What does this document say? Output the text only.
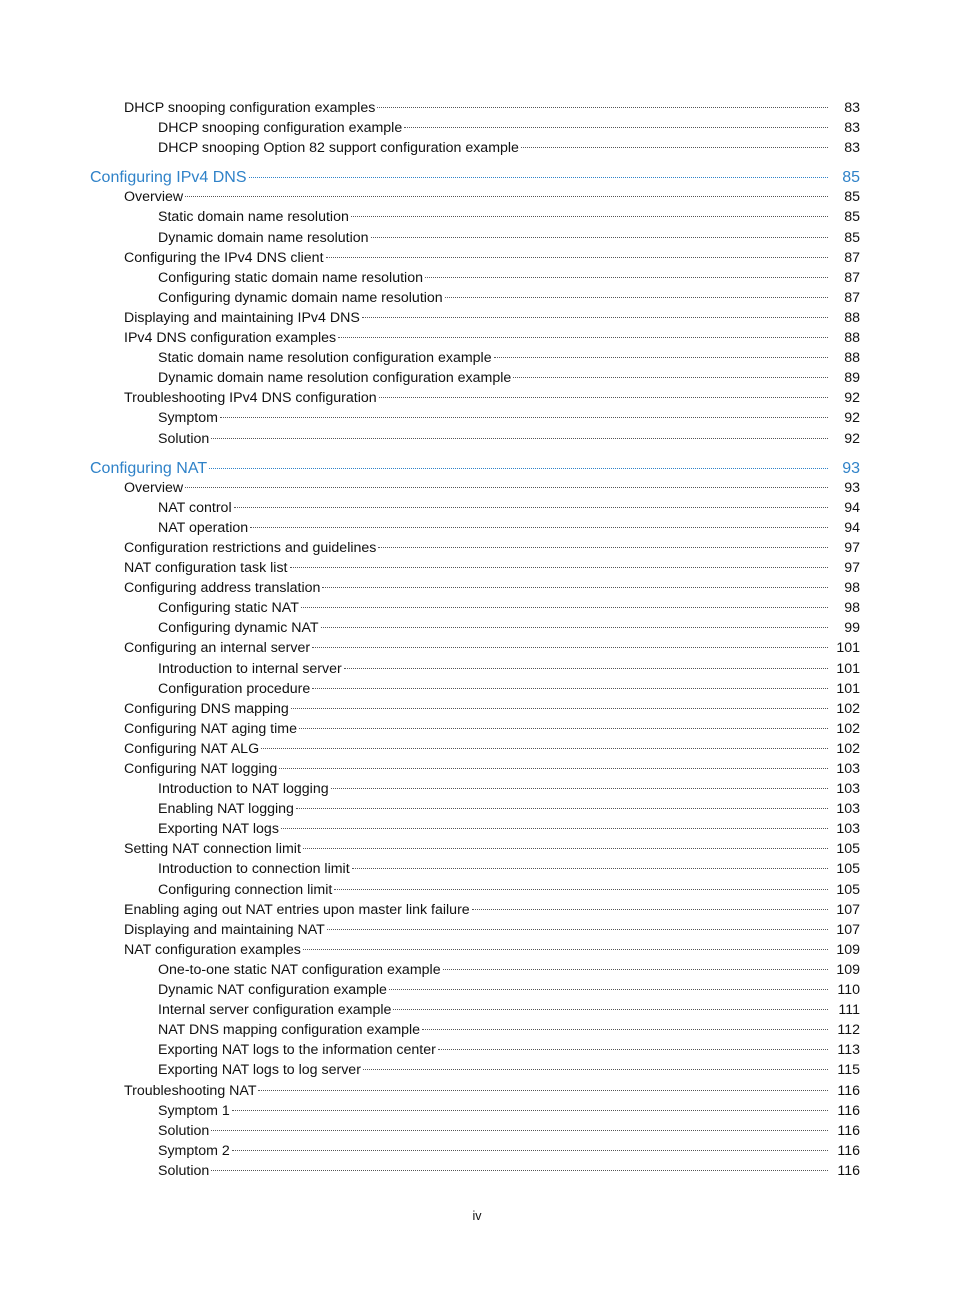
DHCP snooping configuration examples	83
DHCP snooping configuration example	83
DHCP snooping Option 82 support configuration example	83
Configuring IPv4 DNS	85
Overview	85
Static domain name resolution	85
Dynamic domain name resolution	85
Configuring the IPv4 DNS client	87
Configuring static domain name resolution	87
Configuring dynamic domain name resolution	87
Displaying and maintaining IPv4 DNS	88
IPv4 DNS configuration examples	88
Static domain name resolution configuration example	88
Dynamic domain name resolution configuration example	89
Troubleshooting IPv4 DNS configuration	92
Symptom	92
Solution	92
Configuring NAT	93
Overview	93
NAT control	94
NAT operation	94
Configuration restrictions and guidelines	97
NAT configuration task list	97
Configuring address translation	98
Configuring static NAT	98
Configuring dynamic NAT	99
Configuring an internal server	101
Introduction to internal server	101
Configuration procedure	101
Configuring DNS mapping	102
Configuring NAT aging time	102
Configuring NAT ALG	102
Configuring NAT logging	103
Introduction to NAT logging	103
Enabling NAT logging	103
Exporting NAT logs	103
Setting NAT connection limit	105
Introduction to connection limit	105
Configuring connection limit	105
Enabling aging out NAT entries upon master link failure	107
Displaying and maintaining NAT	107
NAT configuration examples	109
One-to-one static NAT configuration example	109
Dynamic NAT configuration example	110
Internal server configuration example	111
NAT DNS mapping configuration example	112
Exporting NAT logs to the information center	113
Exporting NAT logs to log server	115
Troubleshooting NAT	116
Symptom 1	116
Solution	116
Symptom 2	116
Solution	116
iv
